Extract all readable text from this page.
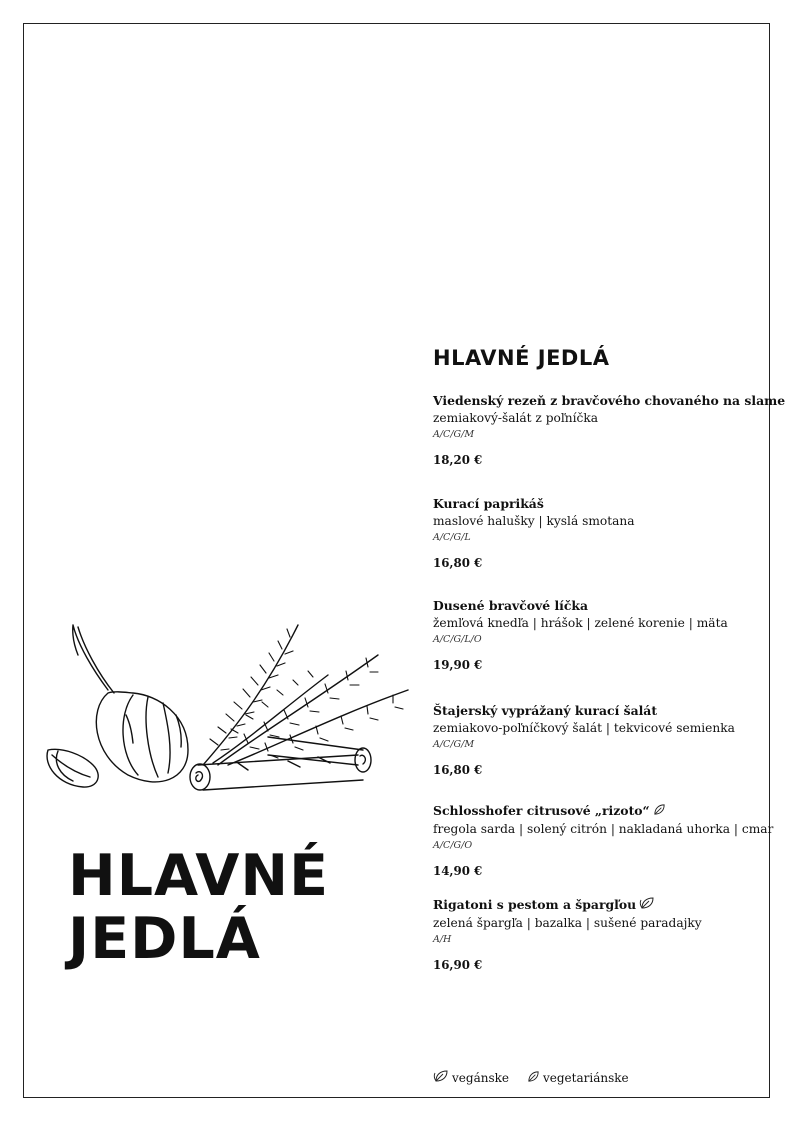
HLAVNÉ JEDLÁ
Viedenský rezeň z bravčového chovaného na slame
zemiakový-šalát z poľníčka
A/C/G/M
18,20 €
Kurací paprikáš
maslové halušky | kyslá smotana
A/C/G/L
16,80 €
Dusené bravčové líčka
žemľová knedľa | hrášok | zelené korenie | mäta
A/C/G/L/O
19,90 €
Štajerský vyprážaný kurací šalát
zemiakovo-poľníčkový šalát | tekvicové semienka
A/C/G/M
16,80 €
Schlosshofer citrusové „rizoto“
fregola sarda | solený citrón | nakladaná uhorka | cmar
A/C/G/O
14,90 €
Rigatoni s pestom a špargľou
zelená špargľa | bazalka | sušené paradajky
A/H
16,90 €
HLAVNÉ
JEDLÁ
vegánske	vegetariánske
